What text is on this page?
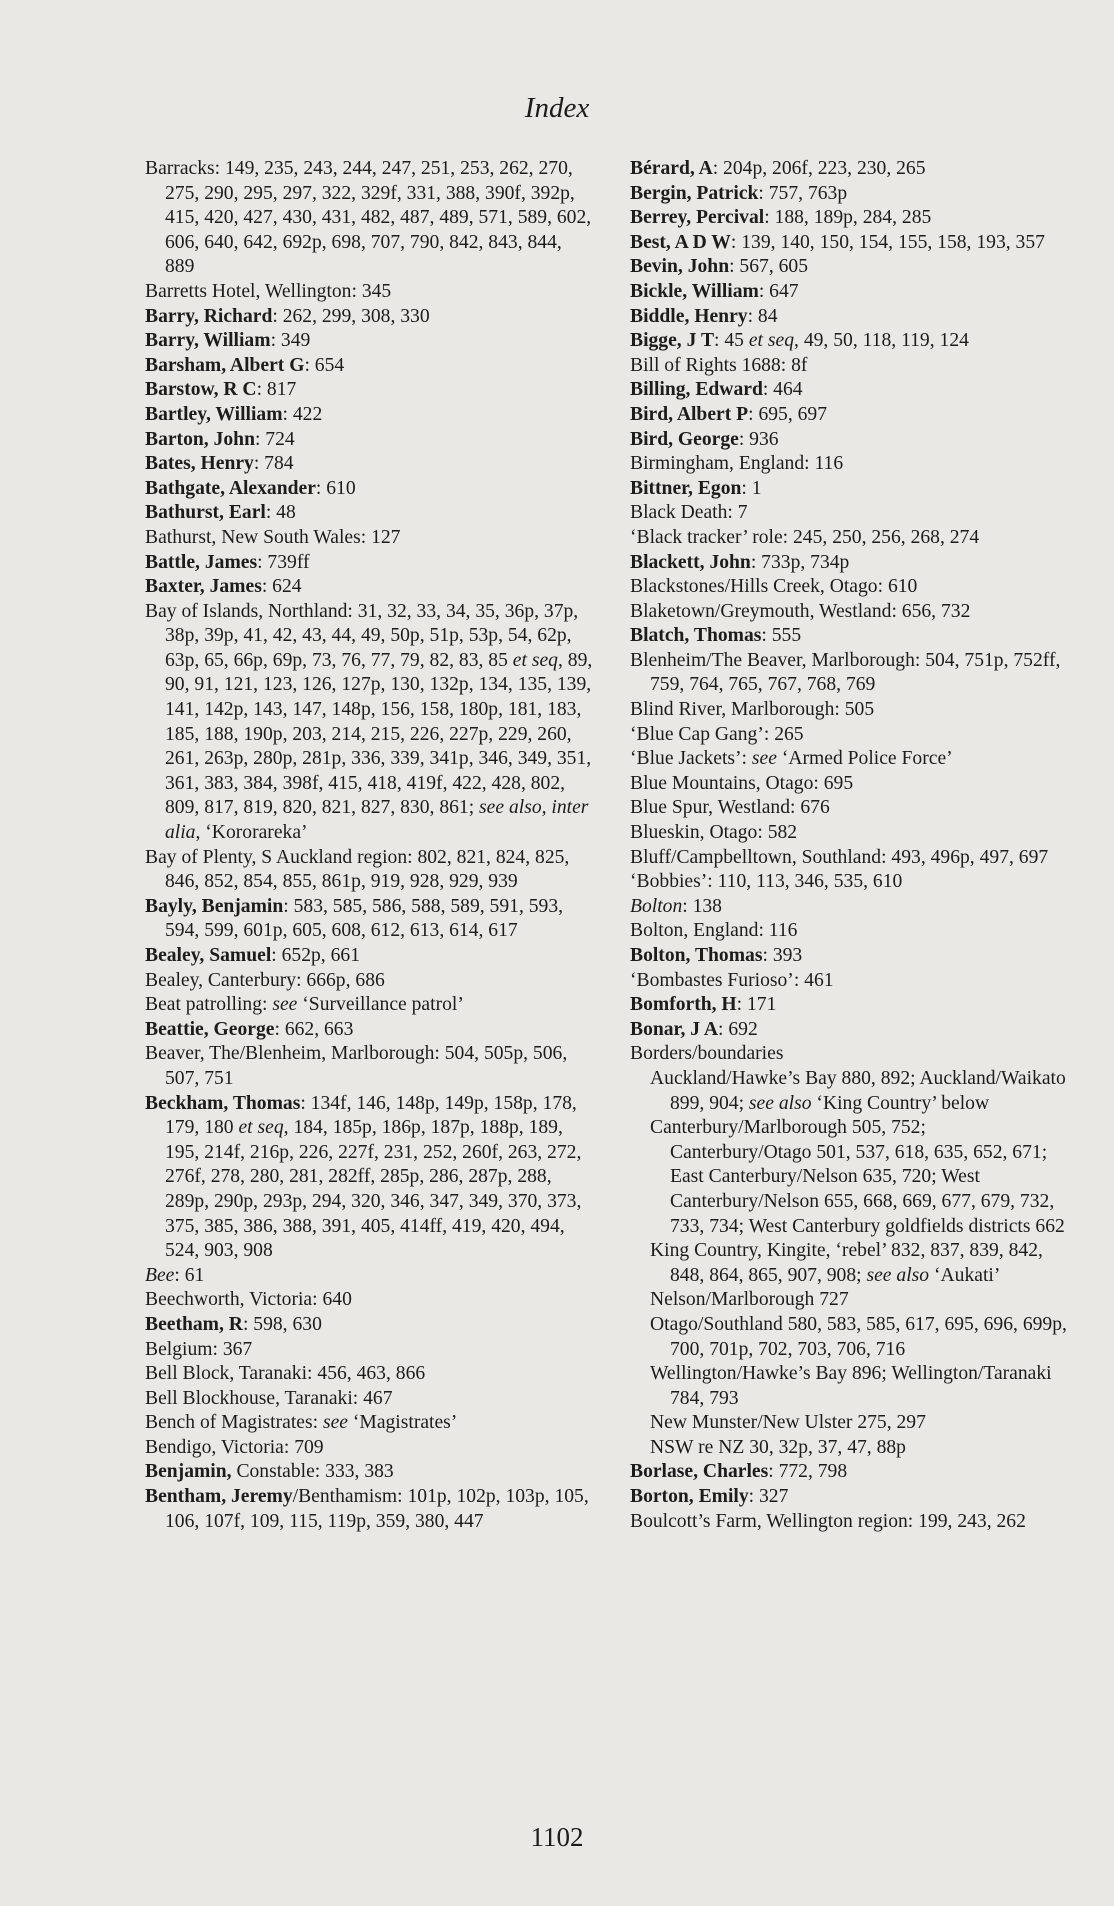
Index
Barracks: 149, 235, 243, 244, 247, 251, 253, 262, 270, 275, 290, 295, 297, 322, 329f, 331, 388, 390f, 392p, 415, 420, 427, 430, 431, 482, 487, 489, 571, 589, 602, 606, 640, 642, 692p, 698, 707, 790, 842, 843, 844, 889
Barretts Hotel, Wellington: 345
Barry, Richard: 262, 299, 308, 330
Barry, William: 349
Barsham, Albert G: 654
Barstow, R C: 817
Bartley, William: 422
Barton, John: 724
Bates, Henry: 784
Bathgate, Alexander: 610
Bathurst, Earl: 48
Bathurst, New South Wales: 127
Battle, James: 739ff
Baxter, James: 624
Bay of Islands, Northland: 31, 32, 33, 34, 35, 36p, 37p, 38p, 39p, 41, 42, 43, 44, 49, 50p, 51p, 53p, 54, 62p, 63p, 65, 66p, 69p, 73, 76, 77, 79, 82, 83, 85 et seq, 89, 90, 91, 121, 123, 126, 127p, 130, 132p, 134, 135, 139, 141, 142p, 143, 147, 148p, 156, 158, 180p, 181, 183, 185, 188, 190p, 203, 214, 215, 226, 227p, 229, 260, 261, 263p, 280p, 281p, 336, 339, 341p, 346, 349, 351, 361, 383, 384, 398f, 415, 418, 419f, 422, 428, 802, 809, 817, 819, 820, 821, 827, 830, 861; see also, inter alia, ‘Kororareka’
Bay of Plenty, S Auckland region: 802, 821, 824, 825, 846, 852, 854, 855, 861p, 919, 928, 929, 939
Bayly, Benjamin: 583, 585, 586, 588, 589, 591, 593, 594, 599, 601p, 605, 608, 612, 613, 614, 617
Bealey, Samuel: 652p, 661
Bealey, Canterbury: 666p, 686
Beat patrolling: see ‘Surveillance patrol’
Beattie, George: 662, 663
Beaver, The/Blenheim, Marlborough: 504, 505p, 506, 507, 751
Beckham, Thomas: 134f, 146, 148p, 149p, 158p, 178, 179, 180 et seq, 184, 185p, 186p, 187p, 188p, 189, 195, 214f, 216p, 226, 227f, 231, 252, 260f, 263, 272, 276f, 278, 280, 281, 282ff, 285p, 286, 287p, 288, 289p, 290p, 293p, 294, 320, 346, 347, 349, 370, 373, 375, 385, 386, 388, 391, 405, 414ff, 419, 420, 494, 524, 903, 908
Bee: 61
Beechworth, Victoria: 640
Beetham, R: 598, 630
Belgium: 367
Bell Block, Taranaki: 456, 463, 866
Bell Blockhouse, Taranaki: 467
Bench of Magistrates: see ‘Magistrates’
Bendigo, Victoria: 709
Benjamin, Constable: 333, 383
Bentham, Jeremy/Benthamism: 101p, 102p, 103p, 105, 106, 107f, 109, 115, 119p, 359, 380, 447
Bérard, A: 204p, 206f, 223, 230, 265
Bergin, Patrick: 757, 763p
Berrey, Percival: 188, 189p, 284, 285
Best, A D W: 139, 140, 150, 154, 155, 158, 193, 357
Bevin, John: 567, 605
Bickle, William: 647
Biddle, Henry: 84
Bigge, J T: 45 et seq, 49, 50, 118, 119, 124
Bill of Rights 1688: 8f
Billing, Edward: 464
Bird, Albert P: 695, 697
Bird, George: 936
Birmingham, England: 116
Bittner, Egon: 1
Black Death: 7
‘Black tracker’ role: 245, 250, 256, 268, 274
Blackett, John: 733p, 734p
Blackstones/Hills Creek, Otago: 610
Blaketown/Greymouth, Westland: 656, 732
Blatch, Thomas: 555
Blenheim/The Beaver, Marlborough: 504, 751p, 752ff, 759, 764, 765, 767, 768, 769
Blind River, Marlborough: 505
‘Blue Cap Gang’: 265
‘Blue Jackets’: see ‘Armed Police Force’
Blue Mountains, Otago: 695
Blue Spur, Westland: 676
Blueskin, Otago: 582
Bluff/Campbelltown, Southland: 493, 496p, 497, 697
‘Bobbies’: 110, 113, 346, 535, 610
Bolton: 138
Bolton, England: 116
Bolton, Thomas: 393
‘Bombastes Furioso’: 461
Bomforth, H: 171
Bonar, J A: 692
Borders/boundaries
Auckland/Hawke’s Bay 880, 892; Auckland/Waikato 899, 904; see also ‘King Country’ below
Canterbury/Marlborough 505, 752; Canterbury/Otago 501, 537, 618, 635, 652, 671; East Canterbury/Nelson 635, 720; West Canterbury/Nelson 655, 668, 669, 677, 679, 732, 733, 734; West Canterbury goldfields districts 662
King Country, Kingite, ‘rebel’ 832, 837, 839, 842, 848, 864, 865, 907, 908; see also ‘Aukati’
Nelson/Marlborough 727
Otago/Southland 580, 583, 585, 617, 695, 696, 699p, 700, 701p, 702, 703, 706, 716
Wellington/Hawke’s Bay 896; Wellington/Taranaki 784, 793
New Munster/New Ulster 275, 297
NSW re NZ 30, 32p, 37, 47, 88p
Borlase, Charles: 772, 798
Borton, Emily: 327
Boulcott’s Farm, Wellington region: 199, 243, 262
1102
